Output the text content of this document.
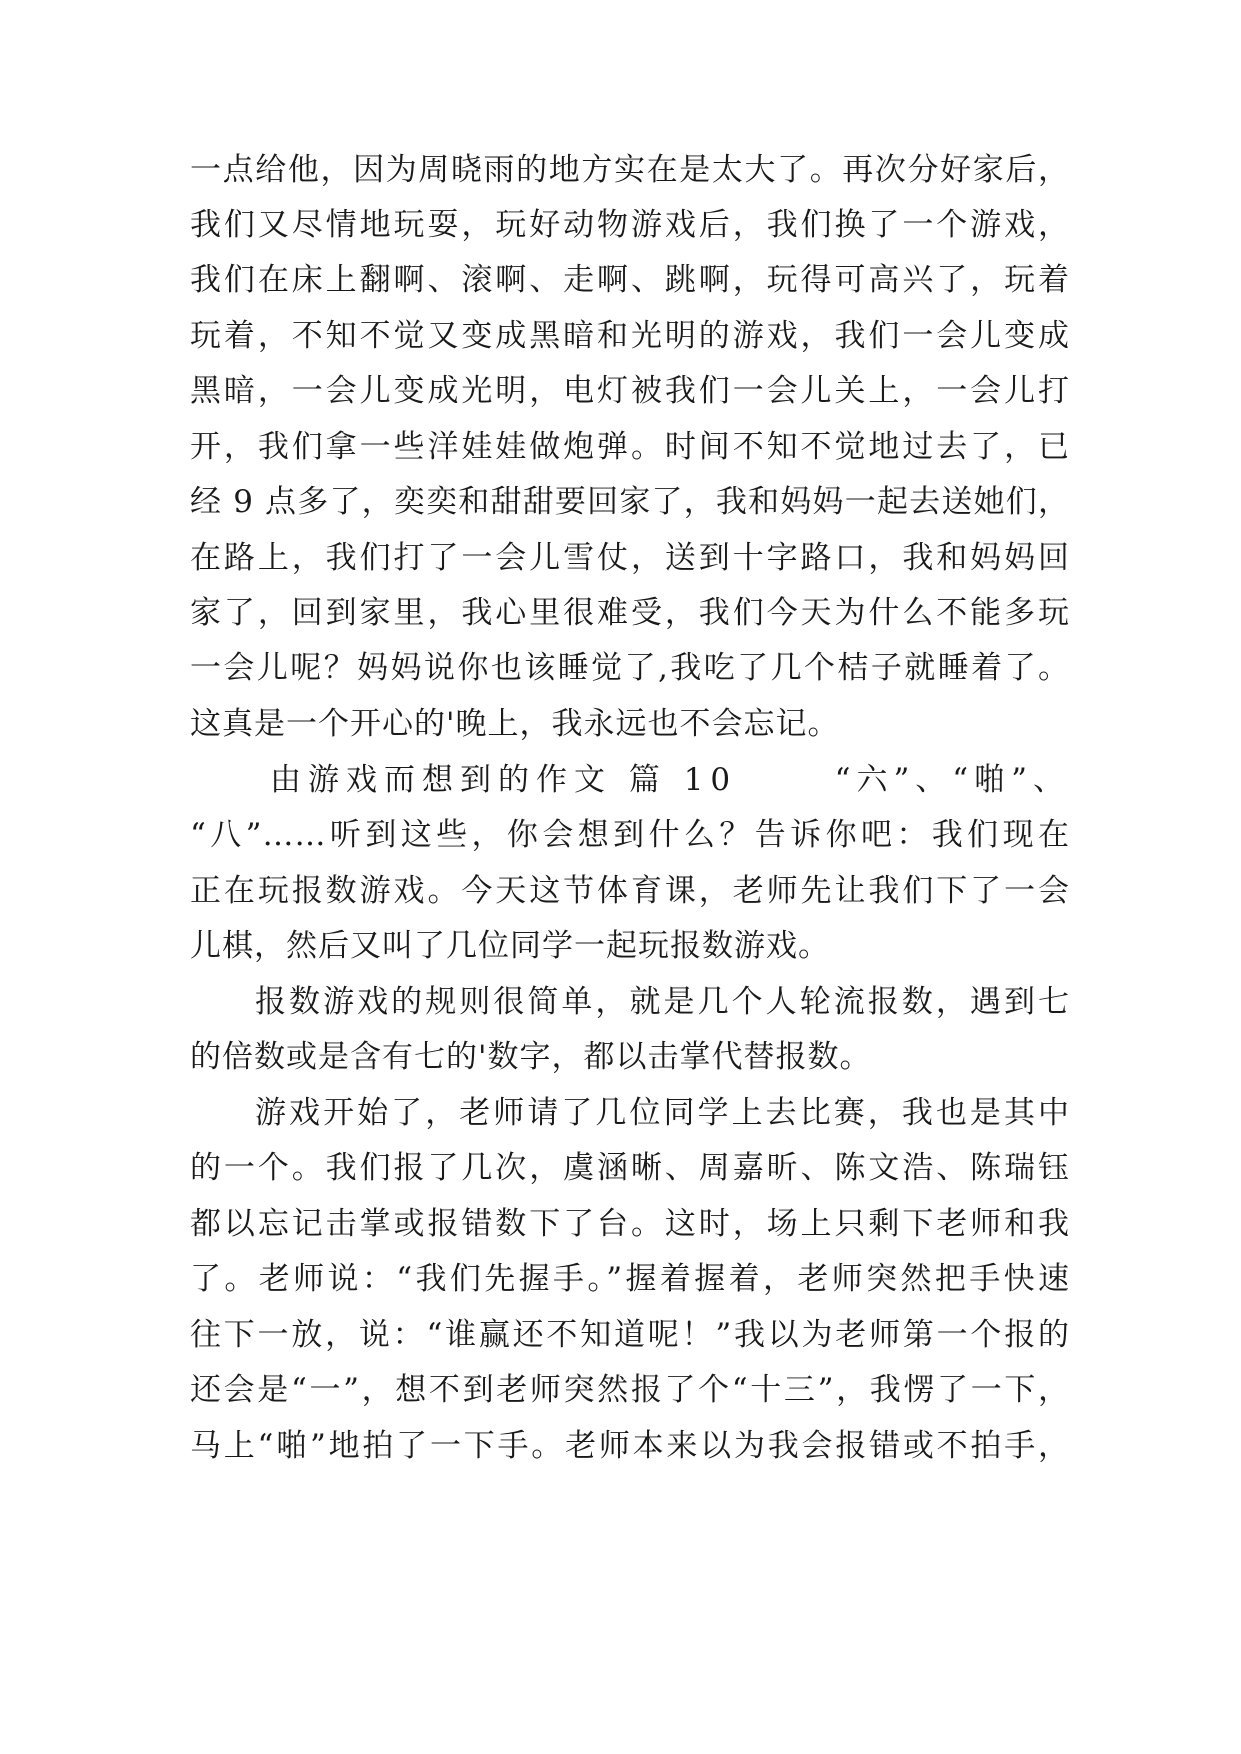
一点给他，因为周晓雨的地方实在是太大了。再次分好家后，
我们又尽情地玩耍，玩好动物游戏后，我们换了一个游戏，
我们在床上翻啊、滚啊、走啊、跳啊，玩得可高兴了，玩着
玩着，不知不觉又变成黑暗和光明的游戏，我们一会儿变成
黑暗，一会儿变成光明，电灯被我们一会儿关上，一会儿打
开，我们拿一些洋娃娃做炮弹。时间不知不觉地过去了，已
经 9 点多了，奕奕和甜甜要回家了，我和妈妈一起去送她们，
在路上，我们打了一会儿雪仗，送到十字路口，我和妈妈回
家了，回到家里，我心里很难受，我们今天为什么不能多玩
一会儿呢？妈妈说你也该睡觉了,我吃了几个桔子就睡着了。
这真是一个开心的'晚上，我永远也不会忘记。
由游戏而想到的作文 篇 10	“六”、“啪”、
“八”……听到这些，你会想到什么？告诉你吧：我们现在
正在玩报数游戏。今天这节体育课，老师先让我们下了一会
儿棋，然后又叫了几位同学一起玩报数游戏。
报数游戏的规则很简单，就是几个人轮流报数，遇到七
的倍数或是含有七的'数字，都以击掌代替报数。
游戏开始了，老师请了几位同学上去比赛，我也是其中
的一个。我们报了几次，虞涵晰、周嘉昕、陈文浩、陈瑞钰
都以忘记击掌或报错数下了台。这时，场上只剩下老师和我
了。老师说：“我们先握手。”握着握着，老师突然把手快速
往下一放，说：“谁赢还不知道呢！”我以为老师第一个报的
还会是“一”，想不到老师突然报了个“十三”，我愣了一下，
马上“啪”地拍了一下手。老师本来以为我会报错或不拍手，
